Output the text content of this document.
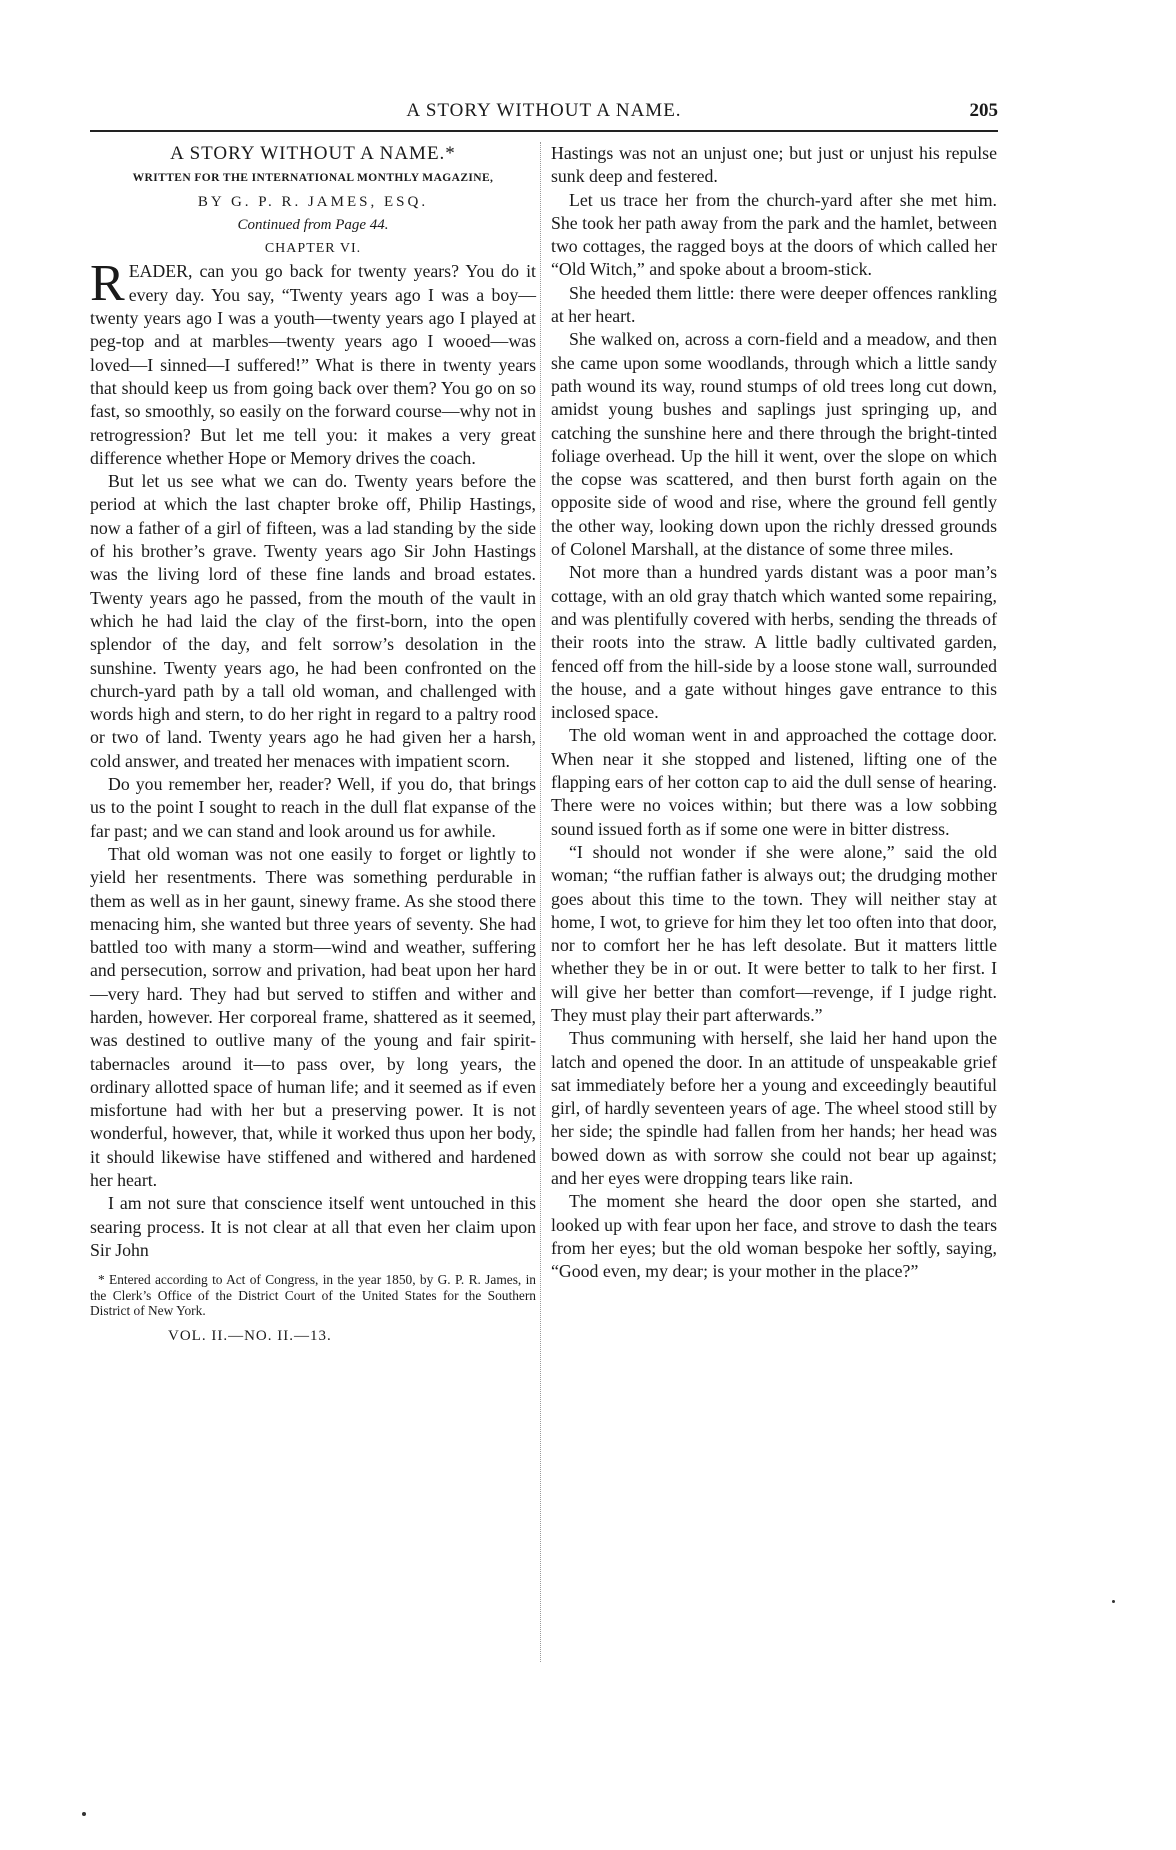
A STORY WITHOUT A NAME.	205

A STORY WITHOUT A NAME.*

WRITTEN FOR THE INTERNATIONAL MONTHLY MAGAZINE,

BY G. P. R. JAMES, ESQ.

Continued from Page 44.

CHAPTER VI.

READER, can you go back for twenty years? You do it every day. You say, “Twenty years ago I was a boy—twenty years ago I was a youth—twenty years ago I played at peg-top and at marbles—twenty years ago I wooed—was loved—I sinned—I suffered!” What is there in twenty years that should keep us from going back over them? You go on so fast, so smoothly, so easily on the forward course—why not in retrogression? But let me tell you: it makes a very great difference whether Hope or Memory drives the coach.

But let us see what we can do. Twenty years before the period at which the last chapter broke off, Philip Hastings, now a father of a girl of fifteen, was a lad standing by the side of his brother’s grave. Twenty years ago Sir John Hastings was the living lord of these fine lands and broad estates. Twenty years ago he passed, from the mouth of the vault in which he had laid the clay of the first-born, into the open splendor of the day, and felt sorrow’s desolation in the sunshine. Twenty years ago, he had been confronted on the church-yard path by a tall old woman, and challenged with words high and stern, to do her right in regard to a paltry rood or two of land. Twenty years ago he had given her a harsh, cold answer, and treated her menaces with impatient scorn.

Do you remember her, reader? Well, if you do, that brings us to the point I sought to reach in the dull flat expanse of the far past; and we can stand and look around us for awhile.

That old woman was not one easily to forget or lightly to yield her resentments. There was something perdurable in them as well as in her gaunt, sinewy frame. As she stood there menacing him, she wanted but three years of seventy. She had battled too with many a storm—wind and weather, suffering and persecution, sorrow and privation, had beat upon her hard—very hard. They had but served to stiffen and wither and harden, however. Her corporeal frame, shattered as it seemed, was destined to outlive many of the young and fair spirit-tabernacles around it—to pass over, by long years, the ordinary allotted space of human life; and it seemed as if even misfortune had with her but a preserving power. It is not wonderful, however, that, while it worked thus upon her body, it should likewise have stiffened and withered and hardened her heart.

I am not sure that conscience itself went untouched in this searing process. It is not clear at all that even her claim upon Sir John

* Entered according to Act of Congress, in the year 1850, by G. P. R. James, in the Clerk’s Office of the District Court of the United States for the Southern District of New York.

VOL. II.—NO. II.—13.

Hastings was not an unjust one; but just or unjust his repulse sunk deep and festered.

Let us trace her from the church-yard after she met him. She took her path away from the park and the hamlet, between two cottages, the ragged boys at the doors of which called her “Old Witch,” and spoke about a broom-stick.

She heeded them little: there were deeper offences rankling at her heart.

She walked on, across a corn-field and a meadow, and then she came upon some woodlands, through which a little sandy path wound its way, round stumps of old trees long cut down, amidst young bushes and saplings just springing up, and catching the sunshine here and there through the bright-tinted foliage overhead. Up the hill it went, over the slope on which the copse was scattered, and then burst forth again on the opposite side of wood and rise, where the ground fell gently the other way, looking down upon the richly dressed grounds of Colonel Marshall, at the distance of some three miles.

Not more than a hundred yards distant was a poor man’s cottage, with an old gray thatch which wanted some repairing, and was plentifully covered with herbs, sending the threads of their roots into the straw. A little badly cultivated garden, fenced off from the hill-side by a loose stone wall, surrounded the house, and a gate without hinges gave entrance to this inclosed space.

The old woman went in and approached the cottage door. When near it she stopped and listened, lifting one of the flapping ears of her cotton cap to aid the dull sense of hearing. There were no voices within; but there was a low sobbing sound issued forth as if some one were in bitter distress.

“I should not wonder if she were alone,” said the old woman; “the ruffian father is always out; the drudging mother goes about this time to the town. They will neither stay at home, I wot, to grieve for him they let too often into that door, nor to comfort her he has left desolate. But it matters little whether they be in or out. It were better to talk to her first. I will give her better than comfort—revenge, if I judge right. They must play their part afterwards.”

Thus communing with herself, she laid her hand upon the latch and opened the door. In an attitude of unspeakable grief sat immediately before her a young and exceedingly beautiful girl, of hardly seventeen years of age. The wheel stood still by her side; the spindle had fallen from her hands; her head was bowed down as with sorrow she could not bear up against; and her eyes were dropping tears like rain.

The moment she heard the door open she started, and looked up with fear upon her face, and strove to dash the tears from her eyes; but the old woman bespoke her softly, saying, “Good even, my dear; is your mother in the place?”
